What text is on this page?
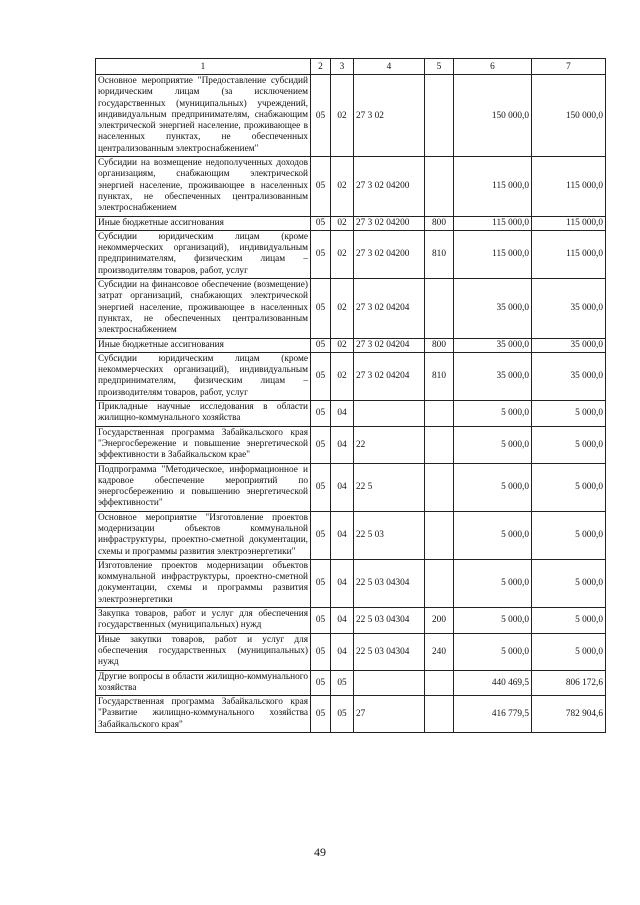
1	2	3	4	5	6	7
Основное мероприятие "Предоставление субсидий юридическим лицам (за исключением государственных (муниципальных) учреждений, индивидуальным предпринимателям, снабжающим электрической энергией население, проживающее в населенных пунктах, не обеспеченных централизованным электроснабжением"	05	02	27 3 02		150 000,0	150 000,0
Субсидии на возмещение недополученных доходов организациям, снабжающим электрической энергией население, проживающее в населенных пунктах, не обеспеченных централизованным электроснабжением	05	02	27 3 02 04200		115 000,0	115 000,0
Иные бюджетные ассигнования	05	02	27 3 02 04200	800	115 000,0	115 000,0
Субсидии юридическим лицам (кроме некоммерческих организаций), индивидуальным предпринимателям, физическим лицам – производителям товаров, работ, услуг	05	02	27 3 02 04200	810	115 000,0	115 000,0
Субсидии на финансовое обеспечение (возмещение) затрат организаций, снабжающих электрической энергией население, проживающее в населенных пунктах, не обеспеченных централизованным электроснабжением	05	02	27 3 02 04204		35 000,0	35 000,0
Иные бюджетные ассигнования	05	02	27 3 02 04204	800	35 000,0	35 000,0
Субсидии юридическим лицам (кроме некоммерческих организаций), индивидуальным предпринимателям, физическим лицам – производителям товаров, работ, услуг	05	02	27 3 02 04204	810	35 000,0	35 000,0
Прикладные научные исследования в области жилищно-коммунального хозяйства	05	04			5 000,0	5 000,0
Государственная программа Забайкальского края "Энергосбережение и повышение энергетической эффективности в Забайкальском крае"	05	04	22		5 000,0	5 000,0
Подпрограмма "Методическое, информационное и кадровое обеспечение мероприятий по энергосбережению и повышению энергетической эффективности"	05	04	22 5		5 000,0	5 000,0
Основное мероприятие "Изготовление проектов модернизации объектов коммунальной инфраструктуры, проектно-сметной документации, схемы и программы развития электроэнергетики"	05	04	22 5 03		5 000,0	5 000,0
Изготовление проектов модернизации объектов коммунальной инфраструктуры, проектно-сметной документации, схемы и программы развития электроэнергетики	05	04	22 5 03 04304		5 000,0	5 000,0
Закупка товаров, работ и услуг для обеспечения государственных (муниципальных) нужд	05	04	22 5 03 04304	200	5 000,0	5 000,0
Иные закупки товаров, работ и услуг для обеспечения государственных (муниципальных) нужд	05	04	22 5 03 04304	240	5 000,0	5 000,0
Другие вопросы в области жилищно-коммунального хозяйства	05	05			440 469,5	806 172,6
Государственная программа Забайкальского края "Развитие жилищно-коммунального хозяйства Забайкальского края"	05	05	27		416 779,5	782 904,6
49
